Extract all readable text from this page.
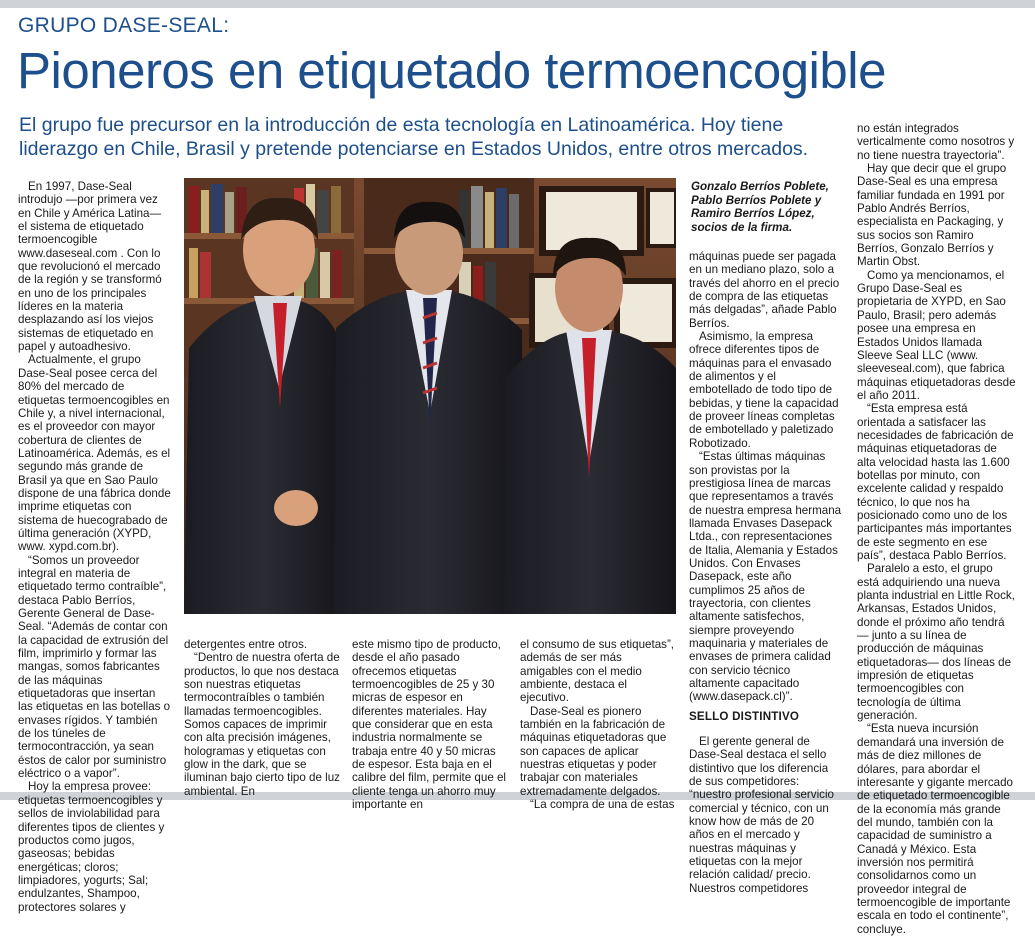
GRUPO DASE-SEAL:
Pioneros en etiquetado termoencogible
El grupo fue precursor en la introducción de esta tecnología en Latinoamérica. Hoy tiene liderazgo en Chile, Brasil y pretende potenciarse en Estados Unidos, entre otros mercados.

En 1997, Dase-Seal introdujo —por primera vez en Chile y América Latina— el sistema de etiquetado termoencogible www.daseseal.com . Con lo que revolucionó el mercado de la región y se transformó en uno de los principales líderes en la materia desplazando así los viejos sistemas de etiquetado en papel y autoadhesivo.

Actualmente, el grupo Dase-Seal posee cerca del 80% del mercado de etiquetas termoencogibles en Chile y, a nivel internacional, es el proveedor con mayor cobertura de clientes de Latinoamérica. Además, es el segundo más grande de Brasil ya que en Sao Paulo dispone de una fábrica donde imprime etiquetas con sistema de huecograbado de última generación (XYPD, www. xypd.com.br).

“Somos un proveedor integral en materia de etiquetado termo contraíble”, destaca Pablo Berríos, Gerente General de Dase-Seal. “Además de contar con la capacidad de extrusión del film, imprimirlo y formar las mangas, somos fabricantes de las máquinas etiquetadoras que insertan las etiquetas en las botellas o envases rígidos. Y también de los túneles de termocontracción, ya sean éstos de calor por suministro eléctrico o a vapor”.

Hoy la empresa provee: etiquetas termoencogibles y sellos de inviolabilidad para diferentes tipos de clientes y productos como jugos, gaseosas; bebidas energéticas; cloros; limpiadores, yogurts; Sal; endulzantes, Shampoo, protectores solares y

Gonzalo Berríos Poblete, Pablo Berríos Poblete y Ramiro Berríos López, socios de la firma.

detergentes entre otros.

“Dentro de nuestra oferta de productos, lo que nos destaca son nuestras etiquetas termocontraíbles o también llamadas termoencogibles. Somos capaces de imprimir con alta precisión imágenes, hologramas y etiquetas con glow in the dark, que se iluminan bajo cierto tipo de luz ambiental. En

este mismo tipo de producto, desde el año pasado ofrecemos etiquetas termoencogibles de 25 y 30 micras de espesor en diferentes materiales. Hay que considerar que en esta industria normalmente se trabaja entre 40 y 50 micras de espesor. Esta baja en el calibre del film, permite que el cliente tenga un ahorro muy importante en

el consumo de sus etiquetas”, además de ser más amigables con el medio ambiente, destaca el ejecutivo.

Dase-Seal es pionero también en la fabricación de máquinas etiquetadoras que son capaces de aplicar nuestras etiquetas y poder trabajar con materiales extremadamente delgados.

“La compra de una de estas

máquinas puede ser pagada en un mediano plazo, solo a través del ahorro en el precio de compra de las etiquetas más delgadas”, añade Pablo Berríos.

Asimismo, la empresa ofrece diferentes tipos de máquinas para el envasado de alimentos y el embotellado de todo tipo de bebidas, y tiene la capacidad de proveer líneas completas de embotellado y paletizado Robotizado.

“Estas últimas máquinas son provistas por la prestigiosa línea de marcas que representamos a través de nuestra empresa hermana llamada Envases Dasepack Ltda., con representaciones de Italia, Alemania y Estados Unidos. Con Envases Dasepack, este año cumplimos 25 años de trayectoria, con clientes altamente satisfechos, siempre proveyendo maquinaria y materiales de envases de primera calidad con servicio técnico altamente capacitado (www.dasepack.cl)”.

SELLO DISTINTIVO

El gerente general de Dase-Seal destaca el sello distintivo que los diferencia de sus competidores: “nuestro profesional servicio comercial y técnico, con un know how de más de 20 años en el mercado y nuestras máquinas y etiquetas con la mejor relación calidad/ precio. Nuestros competidores

no están integrados verticalmente como nosotros y no tiene nuestra trayectoria”.

Hay que decir que el grupo Dase-Seal es una empresa familiar fundada en 1991 por Pablo Andrés Berríos, especialista en Packaging, y sus socios son Ramiro Berríos, Gonzalo Berríos y Martin Obst.

Como ya mencionamos, el Grupo Dase-Seal es propietaria de XYPD, en Sao Paulo, Brasil; pero además posee una empresa en Estados Unidos llamada Sleeve Seal LLC (www. sleeveseal.com), que fabrica máquinas etiquetadoras desde el año 2011.

“Esta empresa está orientada a satisfacer las necesidades de fabricación de máquinas etiquetadoras de alta velocidad hasta las 1.600 botellas por minuto, con excelente calidad y respaldo técnico, lo que nos ha posicionado como uno de los participantes más importantes de este segmento en ese país”, destaca Pablo Berríos.

Paralelo a esto, el grupo está adquiriendo una nueva planta industrial en Little Rock, Arkansas, Estados Unidos, donde el próximo año tendrá — junto a su línea de producción de máquinas etiquetadoras— dos líneas de impresión de etiquetas termoencogibles con tecnología de última generación.

“Esta nueva incursión demandará una inversión de más de diez millones de dólares, para abordar el interesante y gigante mercado de etiquetado termoencogible de la economía más grande del mundo, también con la capacidad de suministro a Canadá y México. Esta inversión nos permitirá consolidarnos como un proveedor integral de termoencogible de importante escala en todo el continente”, concluye.
